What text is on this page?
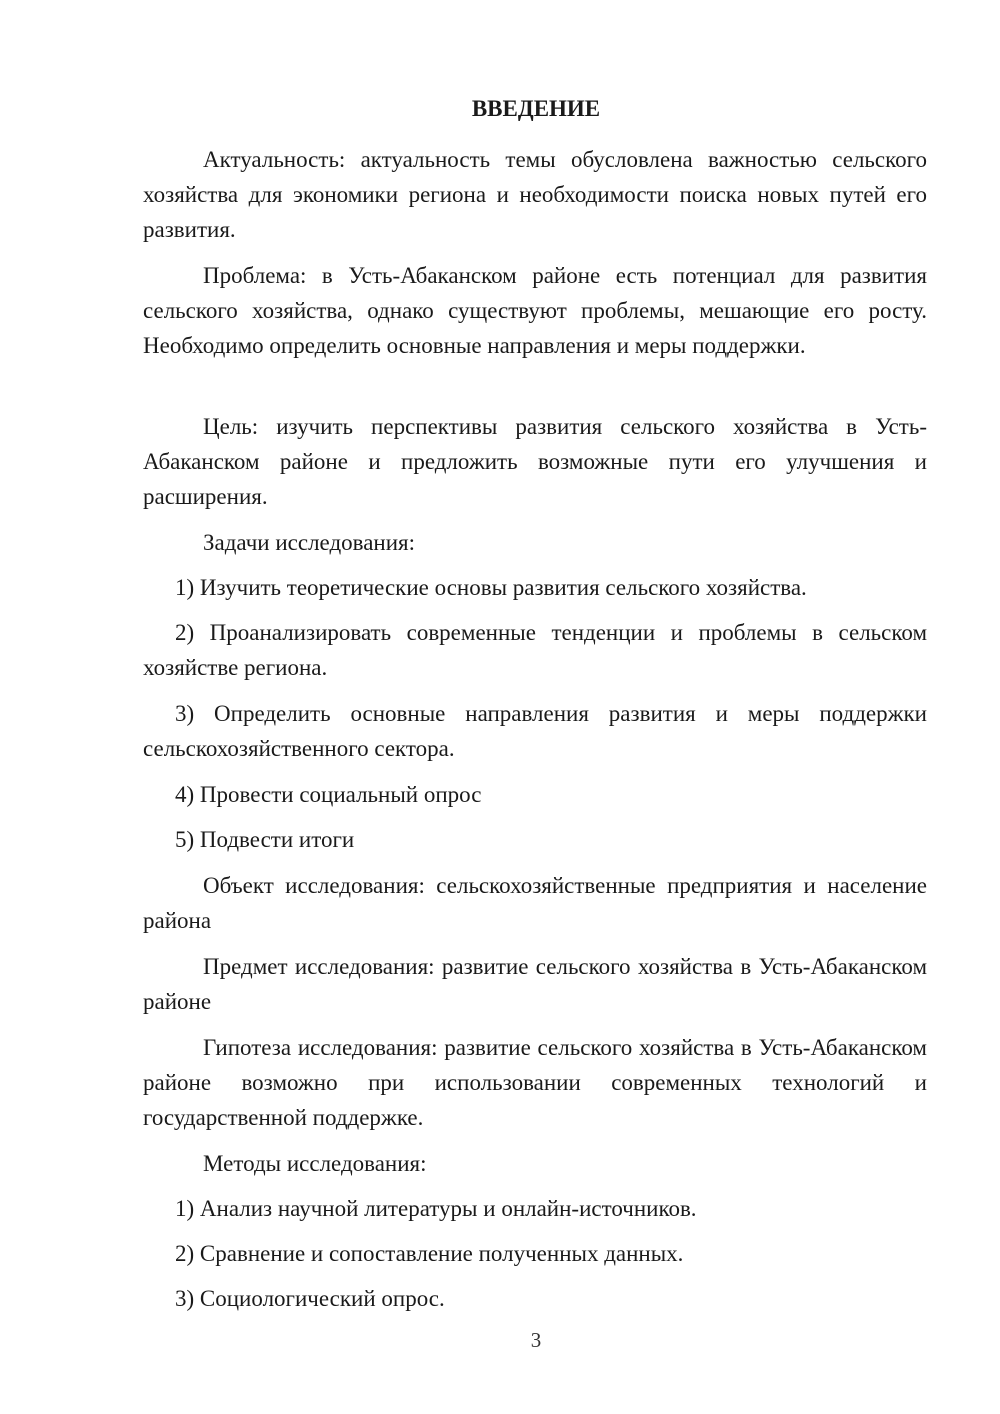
ВВЕДЕНИЕ

Актуальность: актуальность темы обусловлена важностью сельского хозяйства для экономики региона и необходимости поиска новых путей его развития.

Проблема: в Усть-Абаканском районе есть потенциал для развития сельского хозяйства, однако существуют проблемы, мешающие его росту. Необходимо определить основные направления и меры поддержки.

Цель: изучить перспективы развития сельского хозяйства в Усть-Абаканском районе и предложить возможные пути его улучшения и расширения.

Задачи исследования:

1) Изучить теоретические основы развития сельского хозяйства.

2) Проанализировать современные тенденции и проблемы в сельском хозяйстве региона.

3) Определить основные направления развития и меры поддержки сельскохозяйственного сектора.

4) Провести социальный опрос

5) Подвести итоги

Объект исследования: сельскохозяйственные предприятия и население района

Предмет исследования: развитие сельского хозяйства в Усть-Абаканском районе

Гипотеза исследования: развитие сельского хозяйства в Усть-Абаканском районе возможно при использовании современных технологий и государственной поддержке.

Методы исследования:

1) Анализ научной литературы и онлайн-источников.

2) Сравнение и сопоставление полученных данных.

3) Социологический опрос.

3
